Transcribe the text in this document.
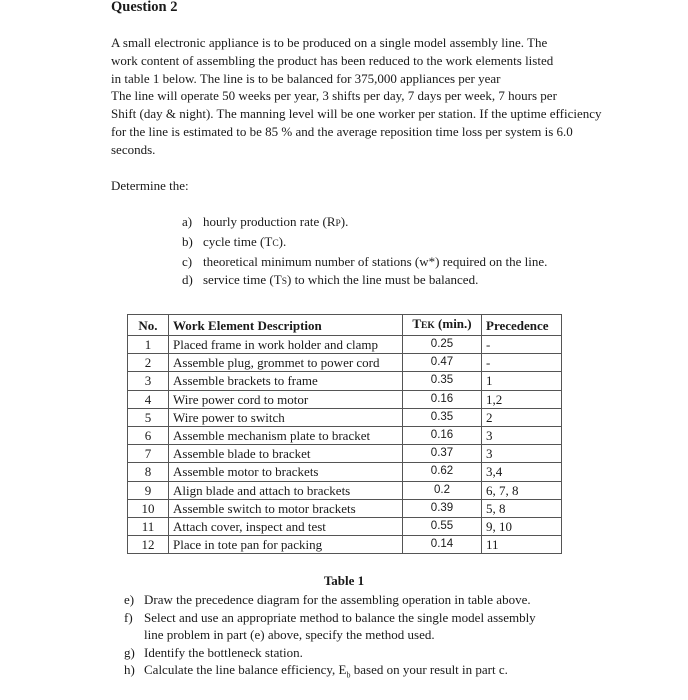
Question 2
A small electronic appliance is to be produced on a single model assembly line. The
work content of assembling the product has been reduced to the work elements listed
in table 1 below. The line is to be balanced for 375,000 appliances per year
The line will operate 50 weeks per year, 3 shifts per day, 7 days per week, 7 hours per
Shift (day & night). The manning level will be one worker per station. If the uptime efficiency
for the line is estimated to be 85 % and the average reposition time loss per system is 6.0
seconds.
Determine the:
a) hourly production rate (RP).
b) cycle time (TC).
c) theoretical minimum number of stations (w*) required on the line.
d) service time (TS) to which the line must be balanced.
No.	Work Element Description	TEK (min.)	Precedence
1	Placed frame in work holder and clamp	0.25	-
2	Assemble plug, grommet to power cord	0.47	-
3	Assemble brackets to frame	0.35	1
4	Wire power cord to motor	0.16	1,2
5	Wire power to switch	0.35	2
6	Assemble mechanism plate to bracket	0.16	3
7	Assemble blade to bracket	0.37	3
8	Assemble motor to brackets	0.62	3,4
9	Align blade and attach to brackets	0.2	6, 7, 8
10	Assemble switch to motor brackets	0.39	5, 8
11	Attach cover, inspect and test	0.55	9, 10
12	Place in tote pan for packing	0.14	11
Table 1
e) Draw the precedence diagram for the assembling operation in table above.
f) Select and use an appropriate method to balance the single model assembly
line problem in part (e) above, specify the method used.
g) Identify the bottleneck station.
h) Calculate the line balance efficiency, $E_b$ based on your result in part c.
